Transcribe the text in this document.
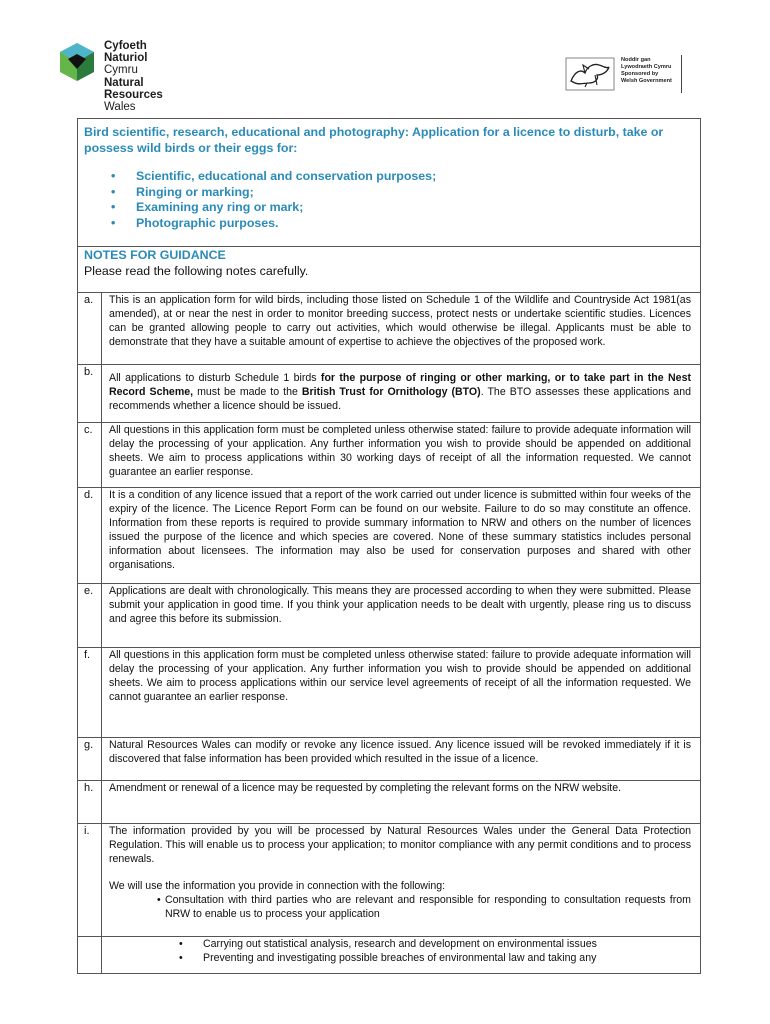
Cyfoeth
Naturiol
Cymru
Natural
Resources
Wales
Noddir gan
Lywodraeth Cymru
Sponsored by
Welsh Government
Bird scientific, research, educational and photography: Application for a licence to disturb, take or possess wild birds or their eggs for:
• Scientific, educational and conservation purposes;
• Ringing or marking;
• Examining any ring or mark;
• Photographic purposes.
NOTES FOR GUIDANCE
Please read the following notes carefully.
a.	This is an application form for wild birds, including those listed on Schedule 1 of the Wildlife and Countryside Act 1981(as amended), at or near the nest in order to monitor breeding success, protect nests or undertake scientific studies. Licences can be granted allowing people to carry out activities, which would otherwise be illegal. Applicants must be able to demonstrate that they have a suitable amount of expertise to achieve the objectives of the proposed work.
b.	All applications to disturb Schedule 1 birds for the purpose of ringing or other marking, or to take part in the Nest Record Scheme, must be made to the British Trust for Ornithology (BTO). The BTO assesses these applications and recommends whether a licence should be issued.
c.	All questions in this application form must be completed unless otherwise stated: failure to provide adequate information will delay the processing of your application. Any further information you wish to provide should be appended on additional sheets. We aim to process applications within 30 working days of receipt of all the information requested. We cannot guarantee an earlier response.
d.	It is a condition of any licence issued that a report of the work carried out under licence is submitted within four weeks of the expiry of the licence. The Licence Report Form can be found on our website. Failure to do so may constitute an offence. Information from these reports is required to provide summary information to NRW and others on the number of licences issued the purpose of the licence and which species are covered. None of these summary statistics includes personal information about licensees. The information may also be used for conservation purposes and shared with other organisations.
e.	Applications are dealt with chronologically. This means they are processed according to when they were submitted. Please submit your application in good time. If you think your application needs to be dealt with urgently, please ring us to discuss and agree this before its submission.
f.	All questions in this application form must be completed unless otherwise stated: failure to provide adequate information will delay the processing of your application. Any further information you wish to provide should be appended on additional sheets. We aim to process applications within our service level agreements of receipt of all the information requested. We cannot guarantee an earlier response.
g.	Natural Resources Wales can modify or revoke any licence issued. Any licence issued will be revoked immediately if it is discovered that false information has been provided which resulted in the issue of a licence.
h.	Amendment or renewal of a licence may be requested by completing the relevant forms on the NRW website.
i.	The information provided by you will be processed by Natural Resources Wales under the General Data Protection Regulation. This will enable us to process your application; to monitor compliance with any permit conditions and to process renewals.
We will use the information you provide in connection with the following:
• Consultation with third parties who are relevant and responsible for responding to consultation requests from NRW to enable us to process your application
• Carrying out statistical analysis, research and development on environmental issues
• Preventing and investigating possible breaches of environmental law and taking any
